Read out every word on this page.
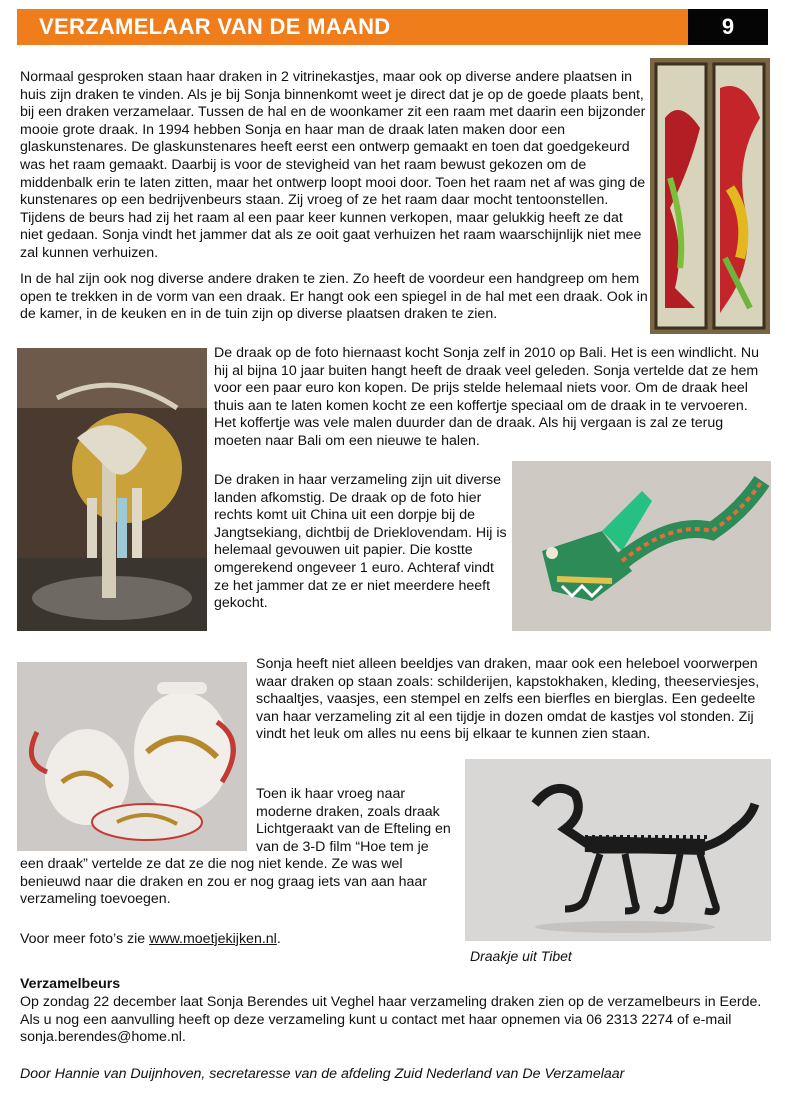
VERZAMELAAR VAN DE MAAND	9

Normaal gesproken staan haar draken in 2 vitrinekastjes, maar ook op diverse andere plaatsen in huis zijn draken te vinden. Als je bij Sonja binnenkomt weet je direct dat je op de goede plaats bent, bij een draken verzamelaar. Tussen de hal en de woonkamer zit een raam met daarin een bijzonder mooie grote draak. In 1994 hebben Sonja en haar man de draak laten maken door een glaskunstenares. De glaskunstenares heeft eerst een ontwerp gemaakt en toen dat goedgekeurd was het raam gemaakt. Daarbij is voor de stevigheid van het raam bewust gekozen om de middenbalk erin te laten zitten, maar het ontwerp loopt mooi door. Toen het raam net af was ging de kunstenares op een bedrijvenbeurs staan. Zij vroeg of ze het raam daar mocht tentoonstellen. Tijdens de beurs had zij het raam al een paar keer kunnen verkopen, maar gelukkig heeft ze dat niet gedaan. Sonja vindt het jammer dat als ze ooit gaat verhuizen het raam waarschijnlijk niet mee zal kunnen verhuizen.

In de hal zijn ook nog diverse andere draken te zien. Zo heeft de voordeur een handgreep om hem open te trekken in de vorm van een draak. Er hangt ook een spiegel in de hal met een draak. Ook in de kamer, in de keuken en in de tuin zijn op diverse plaatsen draken te zien.

De draak op de foto hiernaast kocht Sonja zelf in 2010 op Bali. Het is een windlicht. Nu hij al bijna 10 jaar buiten hangt heeft de draak veel geleden. Sonja vertelde dat ze hem voor een paar euro kon kopen. De prijs stelde helemaal niets voor. Om de draak heel thuis aan te laten komen kocht ze een koffertje speciaal om de draak in te vervoeren. Het koffertje was vele malen duurder dan de draak. Als hij vergaan is zal ze terug moeten naar Bali om een nieuwe te halen.

De draken in haar verzameling zijn uit diverse landen afkomstig. De draak op de foto hier rechts komt uit China uit een dorpje bij de Jangtsekiang, dichtbij de Drieklovendam. Hij is helemaal gevouwen uit papier. Die kostte omgerekend ongeveer 1 euro. Achteraf vindt ze het jammer dat ze er niet meerdere heeft gekocht.

Sonja heeft niet alleen beeldjes van draken, maar ook een heleboel voorwerpen waar draken op staan zoals: schilderijen, kapstokhaken, kleding, theeserviesjes, schaaltjes, vaasjes, een stempel en zelfs een bierfles en bierglas. Een gedeelte van haar verzameling zit al een tijdje in dozen omdat de kastjes vol stonden. Zij vindt het leuk om alles nu eens bij elkaar te kunnen zien staan.

Toen ik haar vroeg naar moderne draken, zoals draak Lichtgeraakt van de Efteling en van de 3-D film “Hoe tem je

een draak” vertelde ze dat ze die nog niet kende. Ze was wel benieuwd naar die draken en zou er nog graag iets van aan haar verzameling toevoegen.

Voor meer foto’s zie www.moetjekijken.nl.

Draakje uit Tibet

Verzamelbeurs

Op zondag 22 december laat Sonja Berendes uit Veghel haar verzameling draken zien op de verzamelbeurs in Eerde. Als u nog een aanvulling heeft op deze verzameling kunt u contact met haar opnemen via 06 2313 2274 of e-mail sonja.berendes@home.nl.

Door Hannie van Duijnhoven, secretaresse van de afdeling Zuid Nederland van De Verzamelaar
